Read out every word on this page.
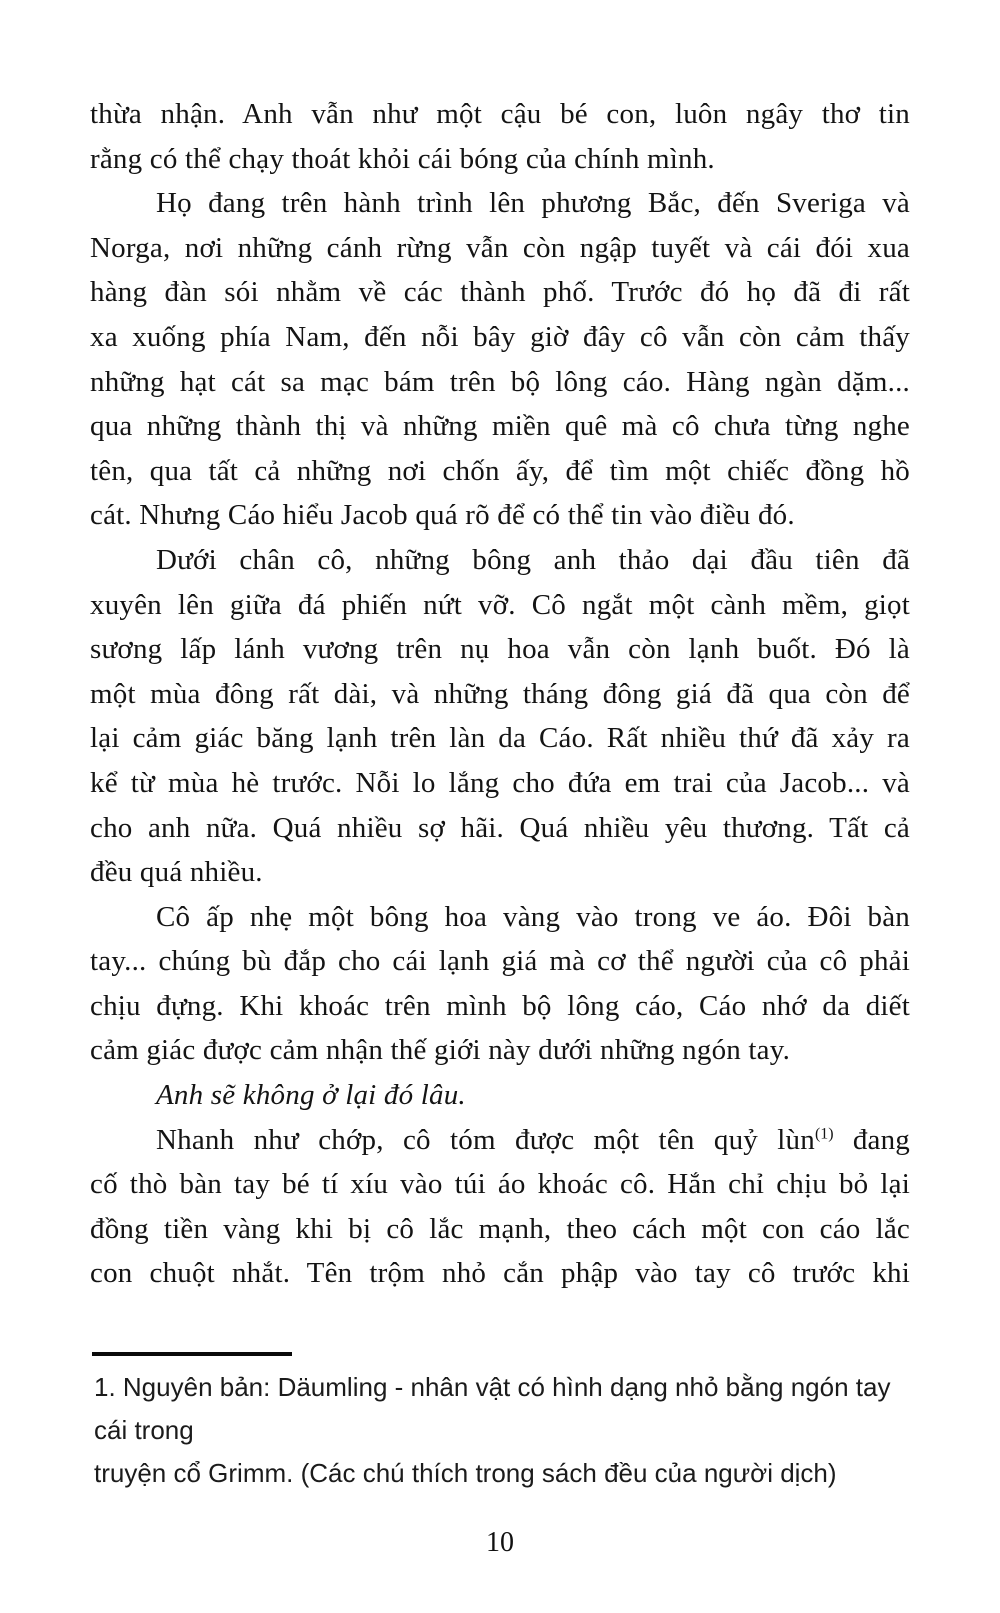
thừa nhận. Anh vẫn như một cậu bé con, luôn ngây thơ tin
rằng có thể chạy thoát khỏi cái bóng của chính mình.
Họ đang trên hành trình lên phương Bắc, đến Sveriga và
Norga, nơi những cánh rừng vẫn còn ngập tuyết và cái đói xua
hàng đàn sói nhằm về các thành phố. Trước đó họ đã đi rất
xa xuống phía Nam, đến nỗi bây giờ đây cô vẫn còn cảm thấy
những hạt cát sa mạc bám trên bộ lông cáo. Hàng ngàn dặm...
qua những thành thị và những miền quê mà cô chưa từng nghe
tên, qua tất cả những nơi chốn ấy, để tìm một chiếc đồng hồ
cát. Nhưng Cáo hiểu Jacob quá rõ để có thể tin vào điều đó.
Dưới chân cô, những bông anh thảo dại đầu tiên đã
xuyên lên giữa đá phiến nứt vỡ. Cô ngắt một cành mềm, giọt
sương lấp lánh vương trên nụ hoa vẫn còn lạnh buốt. Đó là
một mùa đông rất dài, và những tháng đông giá đã qua còn để
lại cảm giác băng lạnh trên làn da Cáo. Rất nhiều thứ đã xảy ra
kể từ mùa hè trước. Nỗi lo lắng cho đứa em trai của Jacob... và
cho anh nữa. Quá nhiều sợ hãi. Quá nhiều yêu thương. Tất cả
đều quá nhiều.
Cô ấp nhẹ một bông hoa vàng vào trong ve áo. Đôi bàn
tay... chúng bù đắp cho cái lạnh giá mà cơ thể người của cô phải
chịu đựng. Khi khoác trên mình bộ lông cáo, Cáo nhớ da diết
cảm giác được cảm nhận thế giới này dưới những ngón tay.
Anh sẽ không ở lại đó lâu.
Nhanh như chớp, cô tóm được một tên quỷ lùn$^{(1)}$ đang
cố thò bàn tay bé tí xíu vào túi áo khoác cô. Hắn chỉ chịu bỏ lại
đồng tiền vàng khi bị cô lắc mạnh, theo cách một con cáo lắc
con chuột nhắt. Tên trộm nhỏ cắn phập vào tay cô trước khi
1. Nguyên bản: Däumling - nhân vật có hình dạng nhỏ bằng ngón tay cái trong
truyện cổ Grimm. (Các chú thích trong sách đều của người dịch)
10
